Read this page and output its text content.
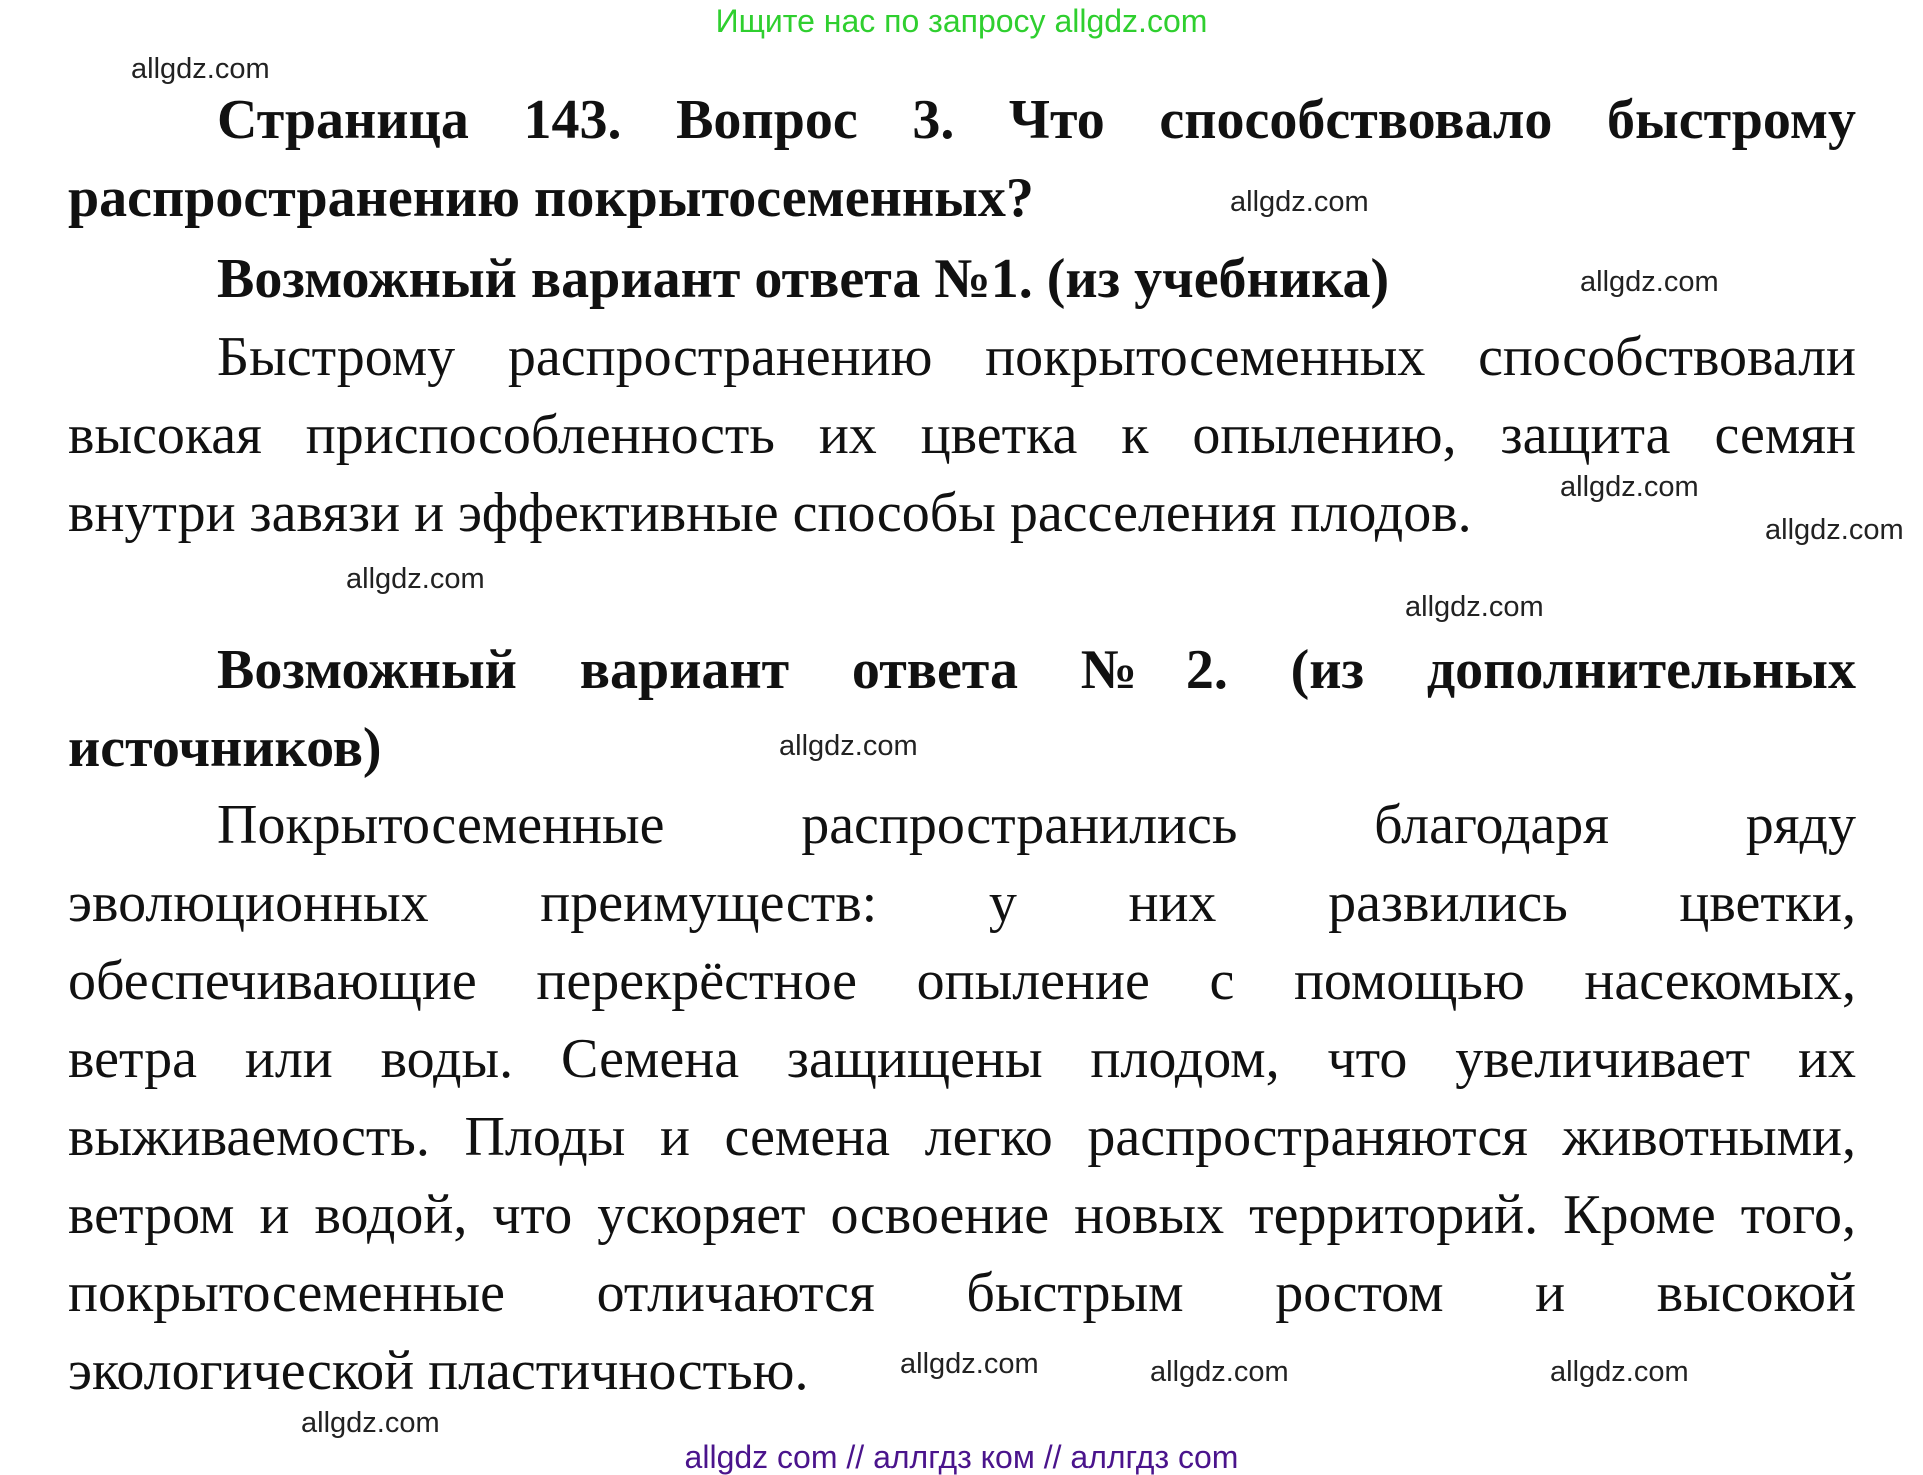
Ищите нас по запросу allgdz.com
Страница 143. Вопрос 3. Что способствовало быстрому
распространению покрытосеменных?
Возможный вариант ответа №1. (из учебника)
Быстрому распространению покрытосеменных способствовали
высокая приспособленность их цветка к опылению, защита семян
внутри завязи и эффективные способы расселения плодов.
Возможный вариант ответа №2. (из дополнительных
источников)
Покрытосеменные распространились благодаря ряду
эволюционных преимуществ: у них развились цветки,
обеспечивающие перекрёстное опыление с помощью насекомых,
ветра или воды. Семена защищены плодом, что увеличивает их
выживаемость. Плоды и семена легко распространяются животными,
ветром и водой, что ускоряет освоение новых территорий. Кроме того,
покрытосеменные отличаются быстрым ростом и высокой
экологической пластичностью.
allgdz.com
allgdz.com
allgdz.com
allgdz.com
allgdz.com
allgdz.com
allgdz.com
allgdz.com
allgdz.com	allgdz.com
allgdz.com
allgdz.com
allgdz com // аллгдз ком // аллгдз com
